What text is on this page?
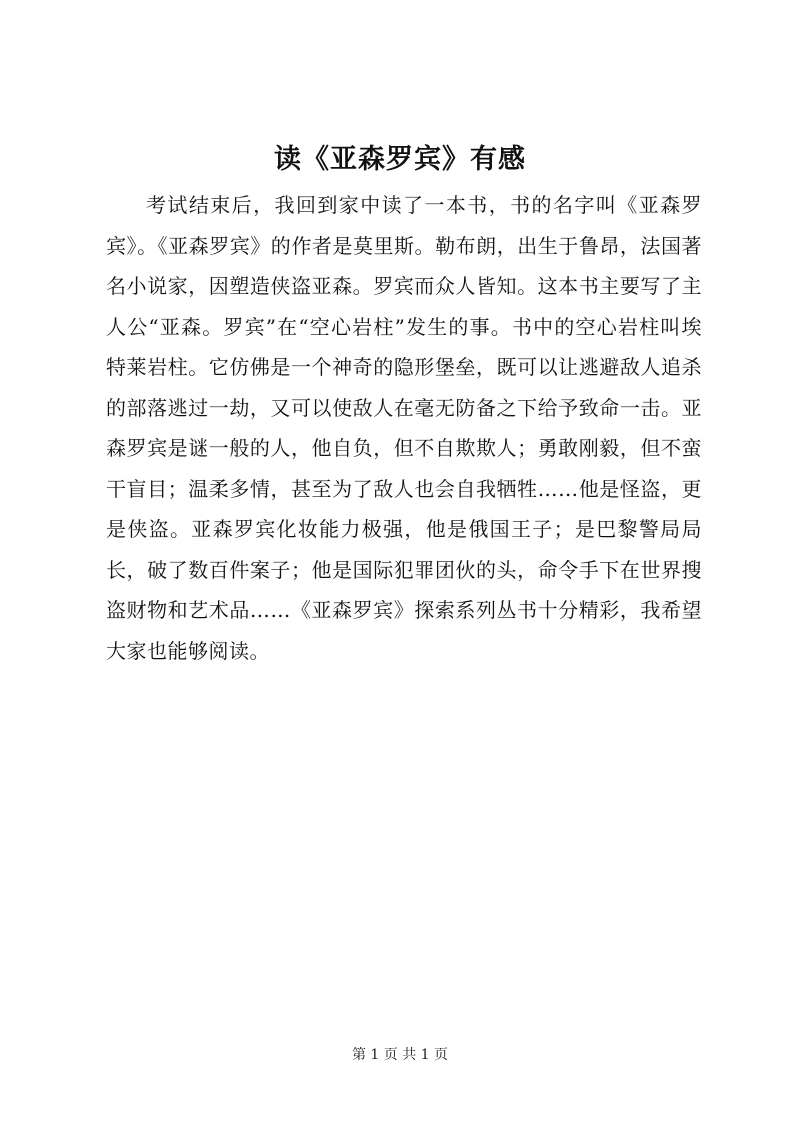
读《亚森罗宾》有感

考试结束后，我回到家中读了一本书，书的名字叫《亚森罗宾》。《亚森罗宾》的作者是莫里斯。勒布朗，出生于鲁昂，法国著名小说家，因塑造侠盗亚森。罗宾而众人皆知。这本书主要写了主人公“亚森。罗宾”在“空心岩柱”发生的事。书中的空心岩柱叫埃特莱岩柱。它仿佛是一个神奇的隐形堡垒，既可以让逃避敌人追杀的部落逃过一劫，又可以使敌人在毫无防备之下给予致命一击。亚森罗宾是谜一般的人，他自负，但不自欺欺人；勇敢刚毅，但不蛮干盲目；温柔多情，甚至为了敌人也会自我牺牲……他是怪盗，更是侠盗。亚森罗宾化妆能力极强，他是俄国王子；是巴黎警局局长，破了数百件案子；他是国际犯罪团伙的头，命令手下在世界搜盗财物和艺术品……《亚森罗宾》探索系列丛书十分精彩，我希望大家也能够阅读。

第 1 页 共 1 页
